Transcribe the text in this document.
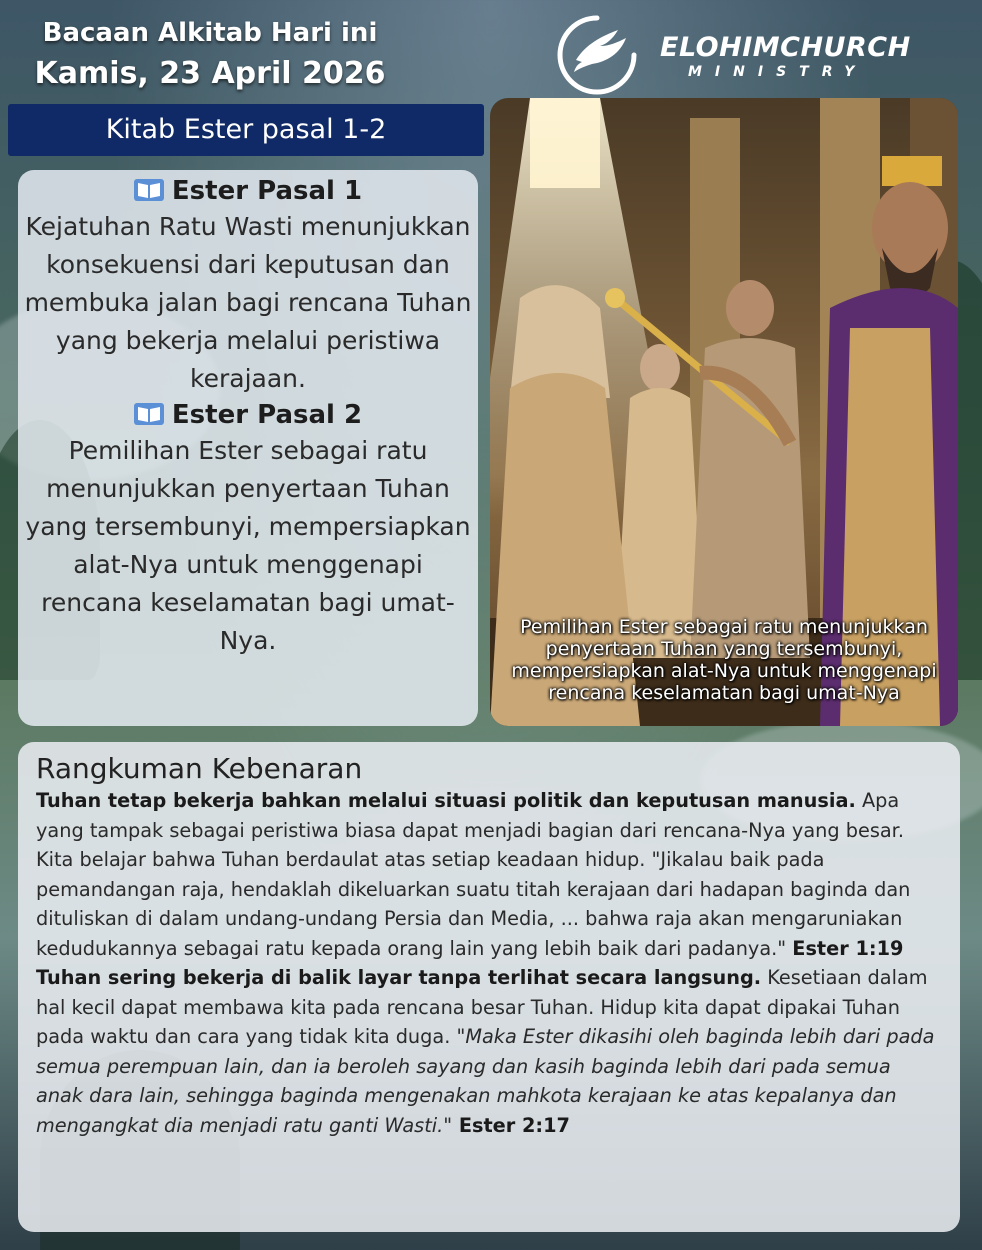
Bacaan Alkitab Hari ini
Kamis, 23 April 2026
ELOHIMCHURCH
MINISTRY
Kitab Ester pasal 1-2
Ester Pasal 1
Kejatuhan Ratu Wasti menunjukkan konsekuensi dari keputusan dan membuka jalan bagi rencana Tuhan yang bekerja melalui peristiwa kerajaan.
Ester Pasal 2
Pemilihan Ester sebagai ratu menunjukkan penyertaan Tuhan yang tersembunyi, mempersiapkan alat-Nya untuk menggenapi rencana keselamatan bagi umat-Nya.	Pemilihan Ester sebagai ratu menunjukkan penyertaan Tuhan yang tersembunyi, mempersiapkan alat-Nya untuk menggenapi rencana keselamatan bagi umat-Nya
Rangkuman Kebenaran
Tuhan tetap bekerja bahkan melalui situasi politik dan keputusan manusia. Apa yang tampak sebagai peristiwa biasa dapat menjadi bagian dari rencana-Nya yang besar. Kita belajar bahwa Tuhan berdaulat atas setiap keadaan hidup. "Jikalau baik pada pemandangan raja, hendaklah dikeluarkan suatu titah kerajaan dari hadapan baginda dan dituliskan di dalam undang-undang Persia dan Media, ... bahwa raja akan mengaruniakan kedudukannya sebagai ratu kepada orang lain yang lebih baik dari padanya." Ester 1:19
Tuhan sering bekerja di balik layar tanpa terlihat secara langsung. Kesetiaan dalam hal kecil dapat membawa kita pada rencana besar Tuhan. Hidup kita dapat dipakai Tuhan pada waktu dan cara yang tidak kita duga. "Maka Ester dikasihi oleh baginda lebih dari pada semua perempuan lain, dan ia beroleh sayang dan kasih baginda lebih dari pada semua anak dara lain, sehingga baginda mengenakan mahkota kerajaan ke atas kepalanya dan mengangkat dia menjadi ratu ganti Wasti." Ester 2:17
